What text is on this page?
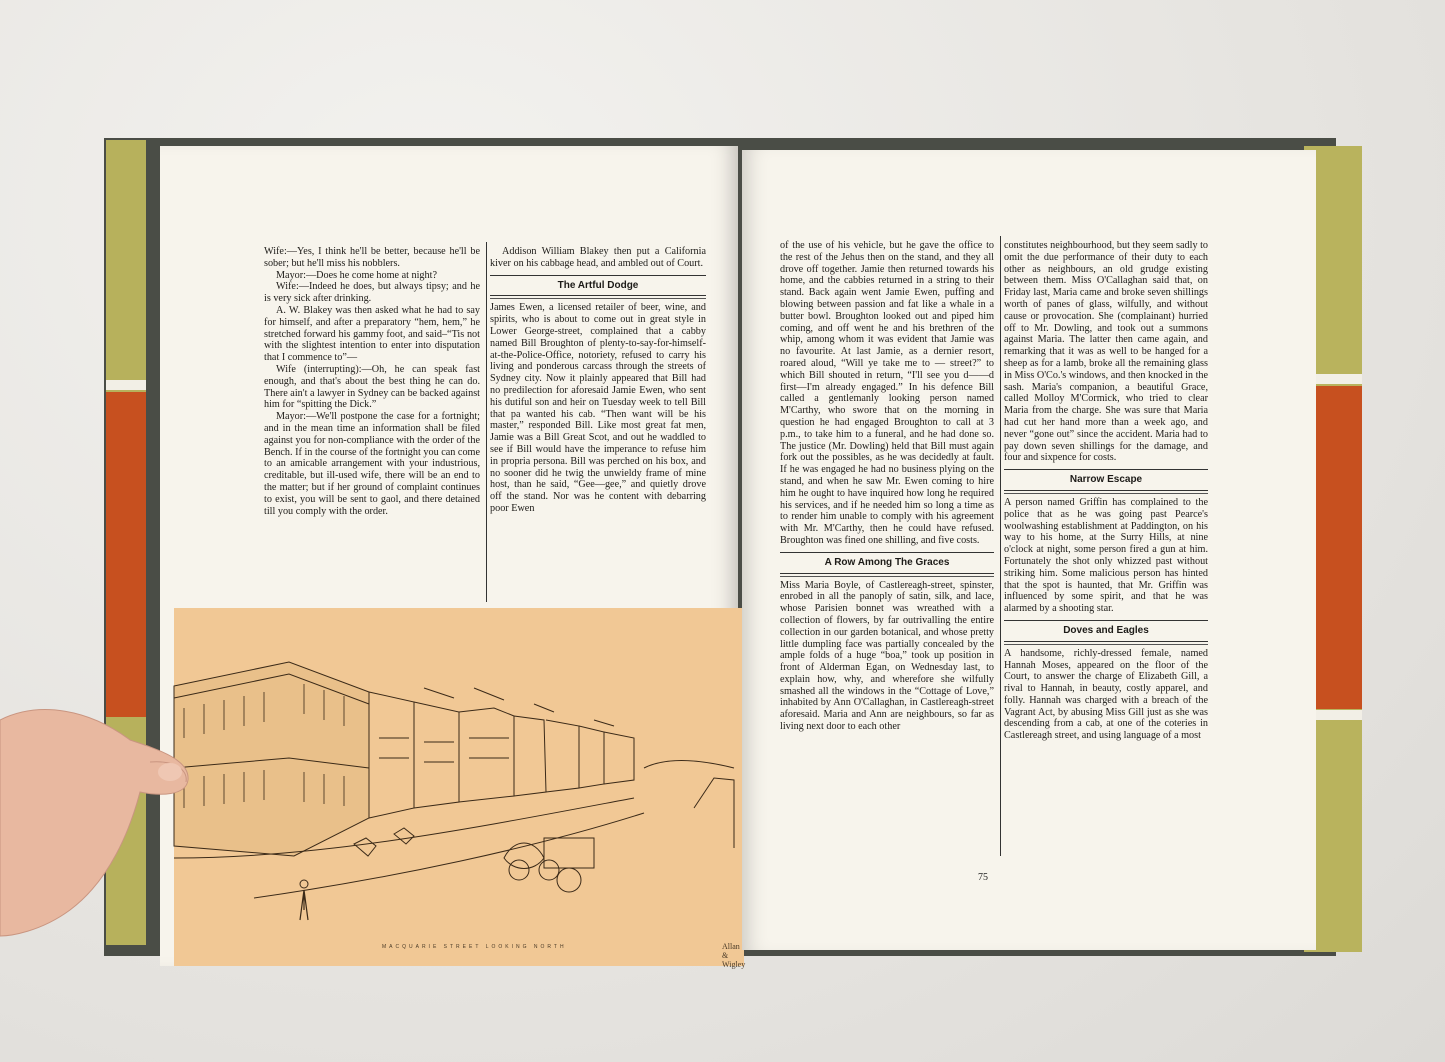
Wife:—Yes, I think he'll be better, because he'll be sober; but he'll miss his nobblers.

Mayor:—Does he come home at night?

Wife:—Indeed he does, but always tipsy; and he is very sick after drinking.

A. W. Blakey was then asked what he had to say for himself, and after a preparatory “hem, hem,” he stretched forward his gammy foot, and said–“Tis not with the slightest intention to enter into disputation that I commence to”—

Wife (interrupting):—Oh, he can speak fast enough, and that's about the best thing he can do. There ain't a lawyer in Sydney can be backed against him for “spitting the Dick.”

Mayor:—We'll postpone the case for a fortnight; and in the mean time an information shall be filed against you for non-compliance with the order of the Bench. If in the course of the fortnight you can come to an amicable arrangement with your industrious, creditable, but ill-used wife, there will be an end to the matter; but if her ground of complaint continues to exist, you will be sent to gaol, and there detained till you comply with the order.

Addison William Blakey then put a California kiver on his cabbage head, and ambled out of Court.

The Artful Dodge

James Ewen, a licensed retailer of beer, wine, and spirits, who is about to come out in great style in Lower George-street, complained that a cabby named Bill Broughton of plenty-to-say-for-himself-at-the-Police-Office, notoriety, refused to carry his living and ponderous carcass through the streets of Sydney city. Now it plainly appeared that Bill had no predilection for aforesaid Jamie Ewen, who sent his dutiful son and heir on Tuesday week to tell Bill that pa wanted his cab. “Then want will be his master,” responded Bill. Like most great fat men, Jamie was a Bill Great Scot, and out he waddled to see if Bill would have the imperance to refuse him in propria persona. Bill was perched on his box, and no sooner did he twig the unwieldy frame of mine host, than he said, “Gee—gee,” and quietly drove off the stand. Nor was he content with debarring poor Ewen

MACQUARIE STREET LOOKING NORTH	Allan & Wigley

of the use of his vehicle, but he gave the office to the rest of the Jehus then on the stand, and they all drove off together. Jamie then returned towards his home, and the cabbies returned in a string to their stand. Back again went Jamie Ewen, puffing and blowing between passion and fat like a whale in a butter bowl. Broughton looked out and piped him coming, and off went he and his brethren of the whip, among whom it was evident that Jamie was no favourite. At last Jamie, as a dernier resort, roared aloud, “Will ye take me to — street?” to which Bill shouted in return, “I'll see you d——d first—I'm already engaged.” In his defence Bill called a gentlemanly looking person named M'Carthy, who swore that on the morning in question he had engaged Broughton to call at 3 p.m., to take him to a funeral, and he had done so. The justice (Mr. Dowling) held that Bill must again fork out the possibles, as he was decidedly at fault. If he was engaged he had no business plying on the stand, and when he saw Mr. Ewen coming to hire him he ought to have inquired how long he required his services, and if he needed him so long a time as to render him unable to comply with his agreement with Mr. M'Carthy, then he could have refused. Broughton was fined one shilling, and five costs.

A Row Among The Graces

Miss Maria Boyle, of Castlereagh-street, spinster, enrobed in all the panoply of satin, silk, and lace, whose Parisien bonnet was wreathed with a collection of flowers, by far outrivalling the entire collection in our garden botanical, and whose pretty little dumpling face was partially concealed by the ample folds of a huge “boa,” took up position in front of Alderman Egan, on Wednesday last, to explain how, why, and wherefore she wilfully smashed all the windows in the “Cottage of Love,” inhabited by Ann O'Callaghan, in Castlereagh-street aforesaid. Maria and Ann are neighbours, so far as living next door to each other

constitutes neighbourhood, but they seem sadly to omit the due performance of their duty to each other as neighbours, an old grudge existing between them. Miss O'Callaghan said that, on Friday last, Maria came and broke seven shillings worth of panes of glass, wilfully, and without cause or provocation. She (complainant) hurried off to Mr. Dowling, and took out a summons against Maria. The latter then came again, and remarking that it was as well to be hanged for a sheep as for a lamb, broke all the remaining glass in Miss O'Co.'s windows, and then knocked in the sash. Maria's companion, a beautiful Grace, called Molloy M'Cormick, who tried to clear Maria from the charge. She was sure that Maria had cut her hand more than a week ago, and never “gone out” since the accident. Maria had to pay down seven shillings for the damage, and four and sixpence for costs.

Narrow Escape

A person named Griffin has complained to the police that as he was going past Pearce's woolwashing establishment at Paddington, on his way to his home, at the Surry Hills, at nine o'clock at night, some person fired a gun at him. Fortunately the shot only whizzed past without striking him. Some malicious person has hinted that the spot is haunted, that Mr. Griffin was influenced by some spirit, and that he was alarmed by a shooting star.

Doves and Eagles

A handsome, richly-dressed female, named Hannah Moses, appeared on the floor of the Court, to answer the charge of Elizabeth Gill, a rival to Hannah, in beauty, costly apparel, and folly. Hannah was charged with a breach of the Vagrant Act, by abusing Miss Gill just as she was descending from a cab, at one of the coteries in Castlereagh street, and using language of a most

75
